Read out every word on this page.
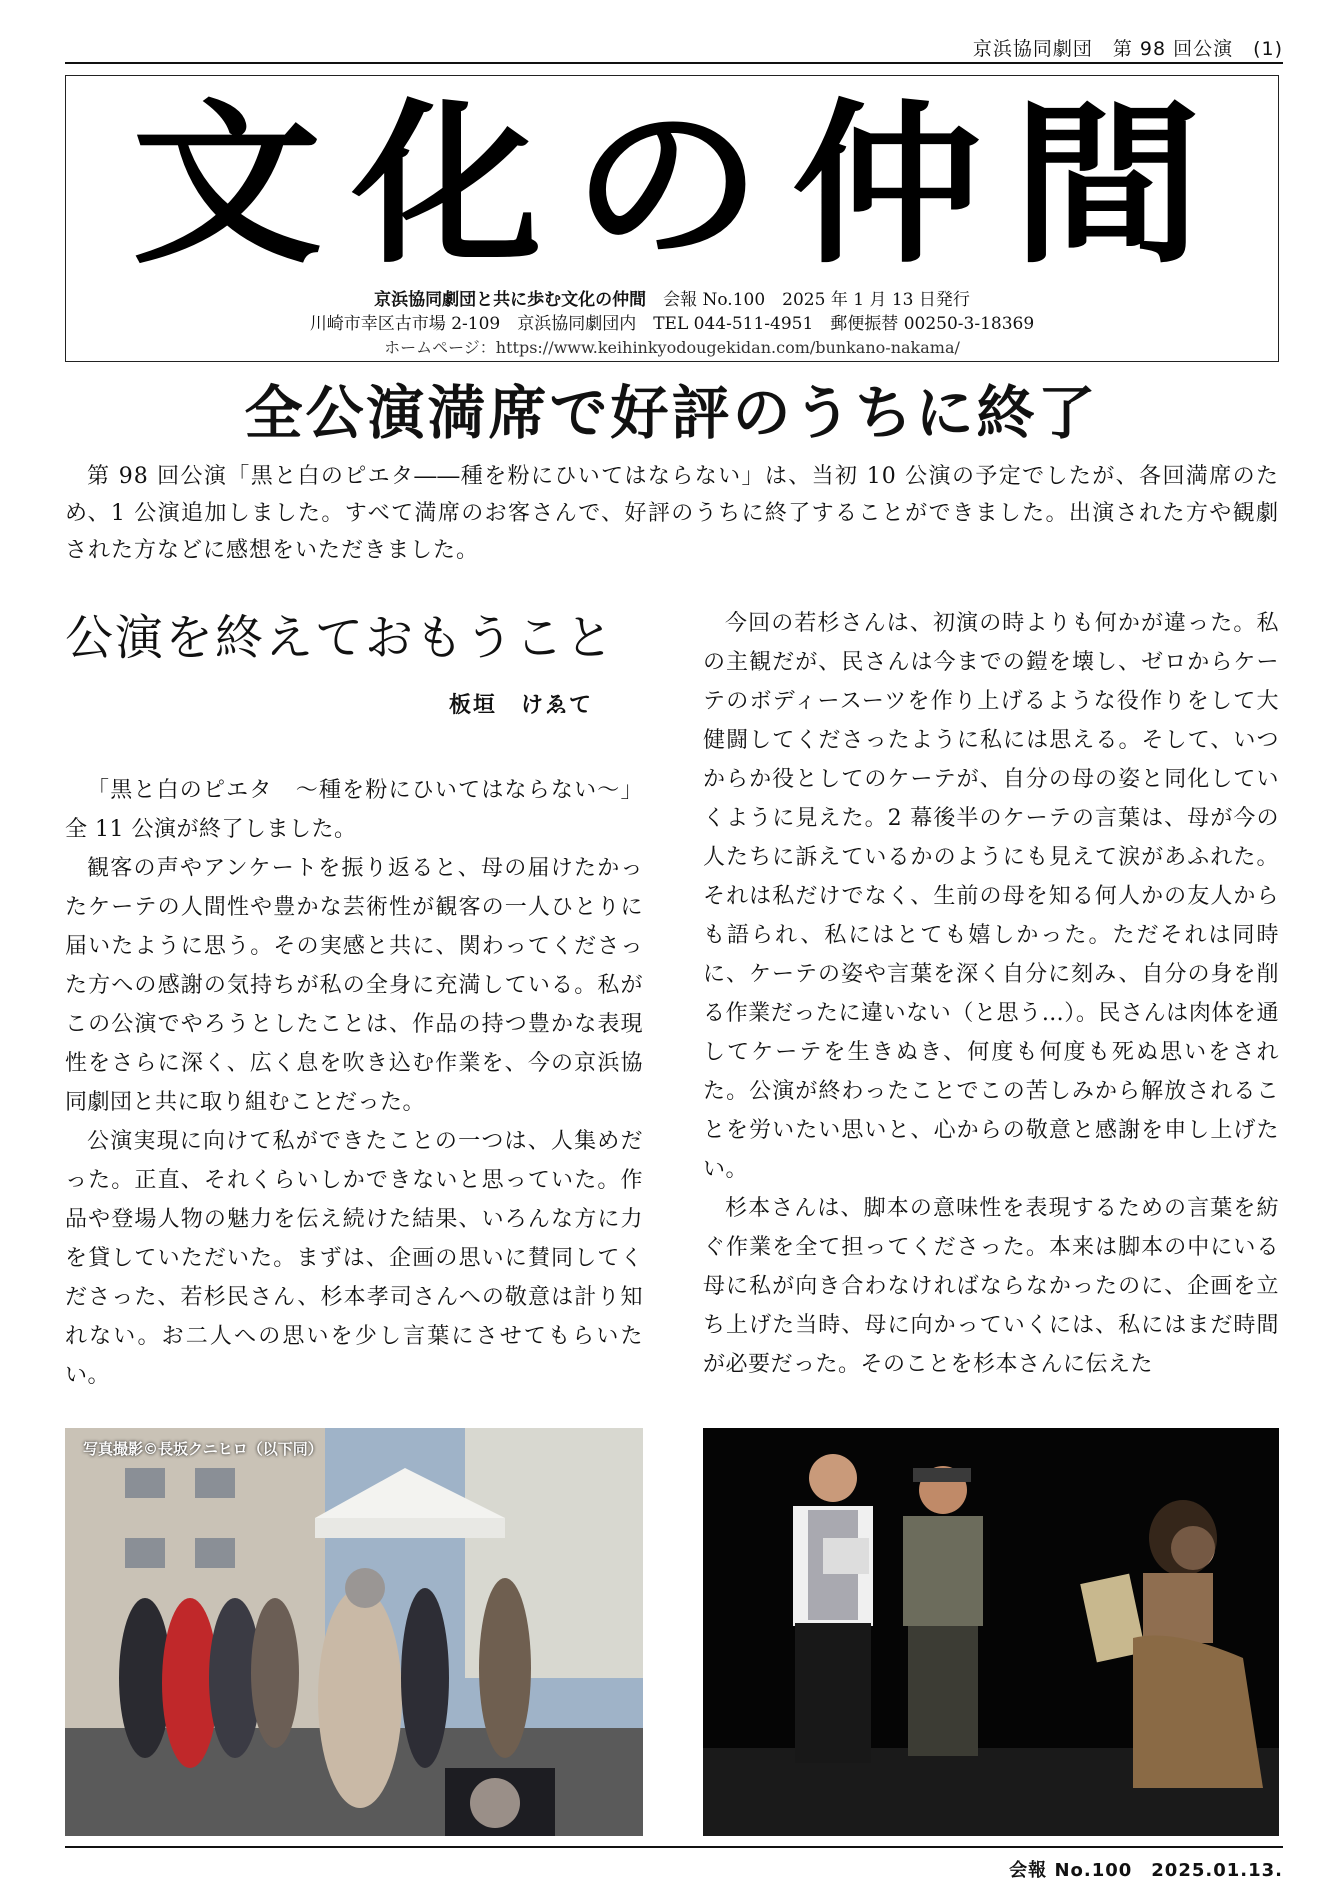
京浜協同劇団　第 98 回公演　(1)
文化の仲間
京浜協同劇団と共に歩む文化の仲間　会報 No.100　2025 年 1 月 13 日発行
川崎市幸区古市場 2-109　京浜協同劇団内　TEL 044-511-4951　郵便振替 00250-3-18369
ホームページ：https://www.keihinkyodougekidan.com/bunkano-nakama/
全公演満席で好評のうちに終了
第 98 回公演「黒と白のピエタ――種を粉にひいてはならない」は、当初 10 公演の予定でしたが、各回満席のため、1 公演追加しました。すべて満席のお客さんで、好評のうちに終了することができました。出演された方や観劇された方などに感想をいただきました。
公演を終えておもうこと
板垣　けゑて

「黒と白のピエタ　～種を粉にひいてはならない～」全 11 公演が終了しました。

観客の声やアンケートを振り返ると、母の届けたかったケーテの人間性や豊かな芸術性が観客の一人ひとりに届いたように思う。その実感と共に、関わってくださった方への感謝の気持ちが私の全身に充満している。私がこの公演でやろうとしたことは、作品の持つ豊かな表現性をさらに深く、広く息を吹き込む作業を、今の京浜協同劇団と共に取り組むことだった。

公演実現に向けて私ができたことの一つは、人集めだった。正直、それくらいしかできないと思っていた。作品や登場人物の魅力を伝え続けた結果、いろんな方に力を貸していただいた。まずは、企画の思いに賛同してくださった、若杉民さん、杉本孝司さんへの敬意は計り知れない。お二人への思いを少し言葉にさせてもらいたい。

今回の若杉さんは、初演の時よりも何かが違った。私の主観だが、民さんは今までの鎧を壊し、ゼロからケーテのボディースーツを作り上げるような役作りをして大健闘してくださったように私には思える。そして、いつからか役としてのケーテが、自分の母の姿と同化していくように見えた。2 幕後半のケーテの言葉は、母が今の人たちに訴えているかのようにも見えて涙があふれた。それは私だけでなく、生前の母を知る何人かの友人からも語られ、私にはとても嬉しかった。ただそれは同時に、ケーテの姿や言葉を深く自分に刻み、自分の身を削る作業だったに違いない（と思う…）。民さんは肉体を通してケーテを生きぬき、何度も何度も死ぬ思いをされた。公演が終わったことでこの苦しみから解放されることを労いたい思いと、心からの敬意と感謝を申し上げたい。

杉本さんは、脚本の意味性を表現するための言葉を紡ぐ作業を全て担ってくださった。本来は脚本の中にいる母に私が向き合わなければならなかったのに、企画を立ち上げた当時、母に向かっていくには、私にはまだ時間が必要だった。そのことを杉本さんに伝えた

写真撮影©長坂クニヒロ（以下同）
会報 No.100　2025.01.13.
